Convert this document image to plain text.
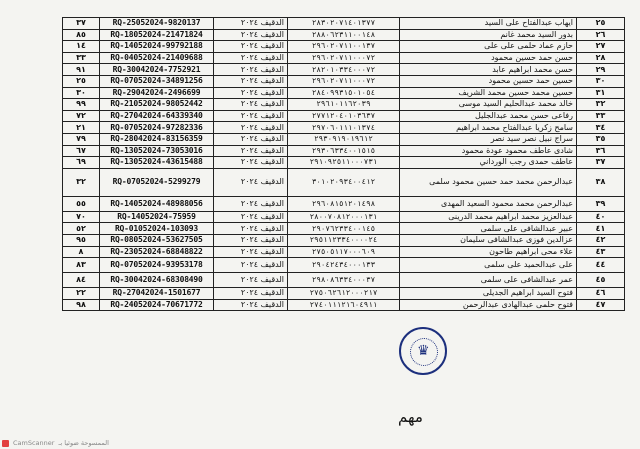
٣٧	RQ-25052024-9820137	الدقيف ٢٠٢٤	٢٨٣٠٢٠٧١٤٠١٣٧٧	ايهاب عبدالفتاح على السيد	٢٥
٨٥	RQ-18052024-21471824	الدقيف ٢٠٢٤	٢٨٨٠٦٢٣١١٠٠١٤٨	بدور السيد محمد غانم	٢٦
١٤	RQ-14052024-99792188	الدقيف ٢٠٢٤	٢٩٦٠٢٠٧١١٠٠١٣٧	حازم عماد حلمى على على	٢٧
٣٣	RQ-04052024-21409688	الدقيف ٢٠٢٤	٢٩٦٠٢٠٧١١٠٠٠٧٢	حسن حمد حسين محمود	٢٨
٩١	RQ-30042024-7752921	الدقيف ٢٠٢٤	٢٨٢٠١٠٣٣٤٠٠٠٧٢	حسن محمد ابراهيم عابد	٢٩
٢٥	RQ-07052024-34891256	الدقيف ٢٠٢٤	٢٩٦٠٢٠٧١١٠٠٠٧٢	حسين حمد حسين محمود	٣٠
٣٠	RQ-29042024-2496699	الدقيف ٢٠٢٤	٢٨٤٠٩٩٣١٥٠١٠٥٤	حسين محمد حسين محمد الشريف	٣١
٩٩	RQ-21052024-98052442	الدقيف ٢٠٢٤	٢٩٦١٠١١٦٢٠٣٩	خالد محمد عبدالحليم السيد موسى	٣٢
٧٢	RQ-27042024-64339340	الدقيف ٢٠٢٤	٢٧٧١٢٠٤٠١٠٣٦٣٧	رفاعى حسن محمد عبدالجليل	٣٣
٢١	RQ-07052024-97282336	الدقيف ٢٠٢٤	٢٩٧٠٦٠١١١٠١٣٧٤	سامح زكريا عبدالفتاح محمد ابراهيم	٣٤
٧٩	RQ-28042024-83156359	الدقيف ٢٠٢٤	٢٩٣٠٩١٩٠١٩٦١٢	سراج نبيل نصر سيد نصر	٣٥
٦٧	RQ-13052024-73053016	الدقيف ٢٠٢٤	٢٩٣٠٦٣٣٤٠٠١٥١٥	شادى عاطف محمود عودة محمود	٣٦
٦٩	RQ-13052024-43615488	الدقيف ٢٠٢٤	٢٩١٠٩٢٥١١٠٠٠٧٣١	عاطف حمدى رجب الورداني	٣٧
٣٢	RQ-07052024-5299279	الدقيف ٢٠٢٤	٣٠١٠٢٠٩٣٤٠٠٤١٢	عبدالرحمن محمد حمد حسين محمود سلمى	٣٨
٥٥	RQ-14052024-48988056	الدقيف ٢٠٢٤	٢٩٦٠٨١٥١٢٠١٤٩٨	عبدالرحمن محمد محمود السعيد المهدى	٣٩
٧٠	RQ-14052024-75959	الدقيف ٢٠٢٤	٢٨٠٠٧٠٨١٢٠٠٠١٣١	عبدالعزيز محمد ابراهيم محمد الدرينى	٤٠
٥٢	RQ-01052024-103093	الدقيف ٢٠٢٤	٢٩٠٧٦٢٣٣٤٠٠١٤٥	عبير عبدالشافى على سلمى	٤١
٩٥	RQ-08052024-53627505	الدقيف ٢٠٢٤	٢٩٥١١٢٣٣٤٠٠٠٠٢٤	عزالدين فوزى عبدالشافى سليمان	٤٢
٨	RQ-23052024-68848822	الدقيف ٢٠٢٤	٢٧٥٠٥١١٧٠٠٠٦٠٩	علاء محى ابراهيم طاحون	٤٣
٨٣	RQ-07052024-93953178	الدقيف ٢٠٢٤	٢٩٠٤٢٤٣٤٠٠٠١٣٣	على عبدالحميد على سلمى	٤٤
٨٤	RQ-30042024-68308490	الدقيف ٢٠٢٤	٢٩٨٠٨٦٣٣٤٠٠٠٣٧	عمر عبدالشافى على سلمى	٤٥
٢٢	RQ-27042024-1501677	الدقيف ٢٠٢٤	٢٧٥٠٦٢٦١٢٠٠٠٢١٧	فتوح السيد ابراهيم الجديلى	٤٦
٩٨	RQ-24052024-70671772	الدقيف ٢٠٢٤	٢٧٤٠١١١٢١٦٠٤٩١١	فتوح حلمى عبدالهادى عبدالرحمن	٤٧
♛
مهم
CamScanner الممسوحة ضوئيا بـ
